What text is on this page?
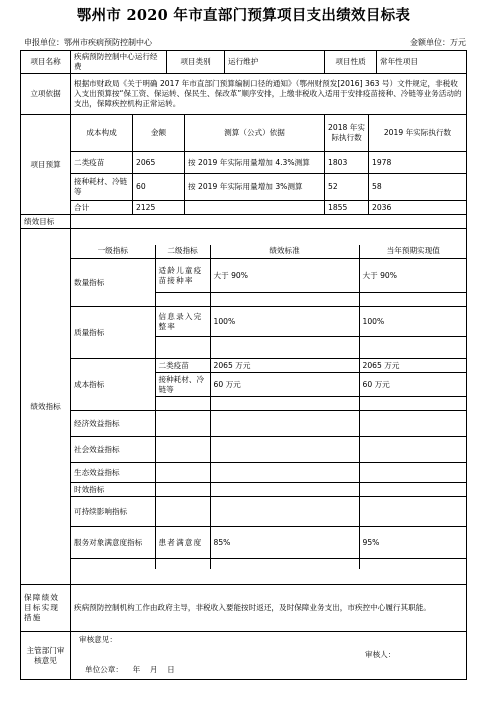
鄂州市 2020 年市直部门预算项目支出绩效目标表
申报单位：鄂州市疾病预防控制中心	金额单位：万元
项目名称	疾病预防控制中心运行经费	项目类别	运行维护	项目性质	常年性项目
立项依据	根据市财政局《关于明确 2017 年市直部门预算编制口径的通知》（鄂州财预发[2016] 363 号）文件规定，非税收入支出预算按“保工资、保运转、保民生、保改革”顺序安排，上缴非税收入适用于安排疫苗接种、冷链等业务活动的支出，保障疾控机构正常运转。
项目预算	成本构成	金额	测算（公式）依据	2018 年实际执行数	2019 年实际执行数
二类疫苗	2065	按 2019 年实际用量增加 4.3%测算	1803	1978
接种耗材、冷链等	60	按 2019 年实际用量增加 3%测算	52	58
合计	2125		1855	2036
绩效目标	
绩效指标	
一级指标	二级指标	绩效标准	当年预期实现值
数量指标	适龄儿童疫苗接种率	大于 90%	大于 90%

质量指标	信息录入完整率	100%	100%

成本指标	二类疫苗	2065 万元	2065 万元
接种耗材、冷链等	60 万元	60 万元

经济效益指标			
社会效益指标			
生态效益指标			
时效指标			
可持续影响指标			
服务对象满意度指标	患者满意度	85%	95%

保障绩效目标实现措施	疾病预防控制机构工作由政府主导，非税收入要能按时返还，及时保障业务支出，市疾控中心履行其职能。
主管部门审核意见	
审核意见：
审核人：
单位公章：    年    月    日
